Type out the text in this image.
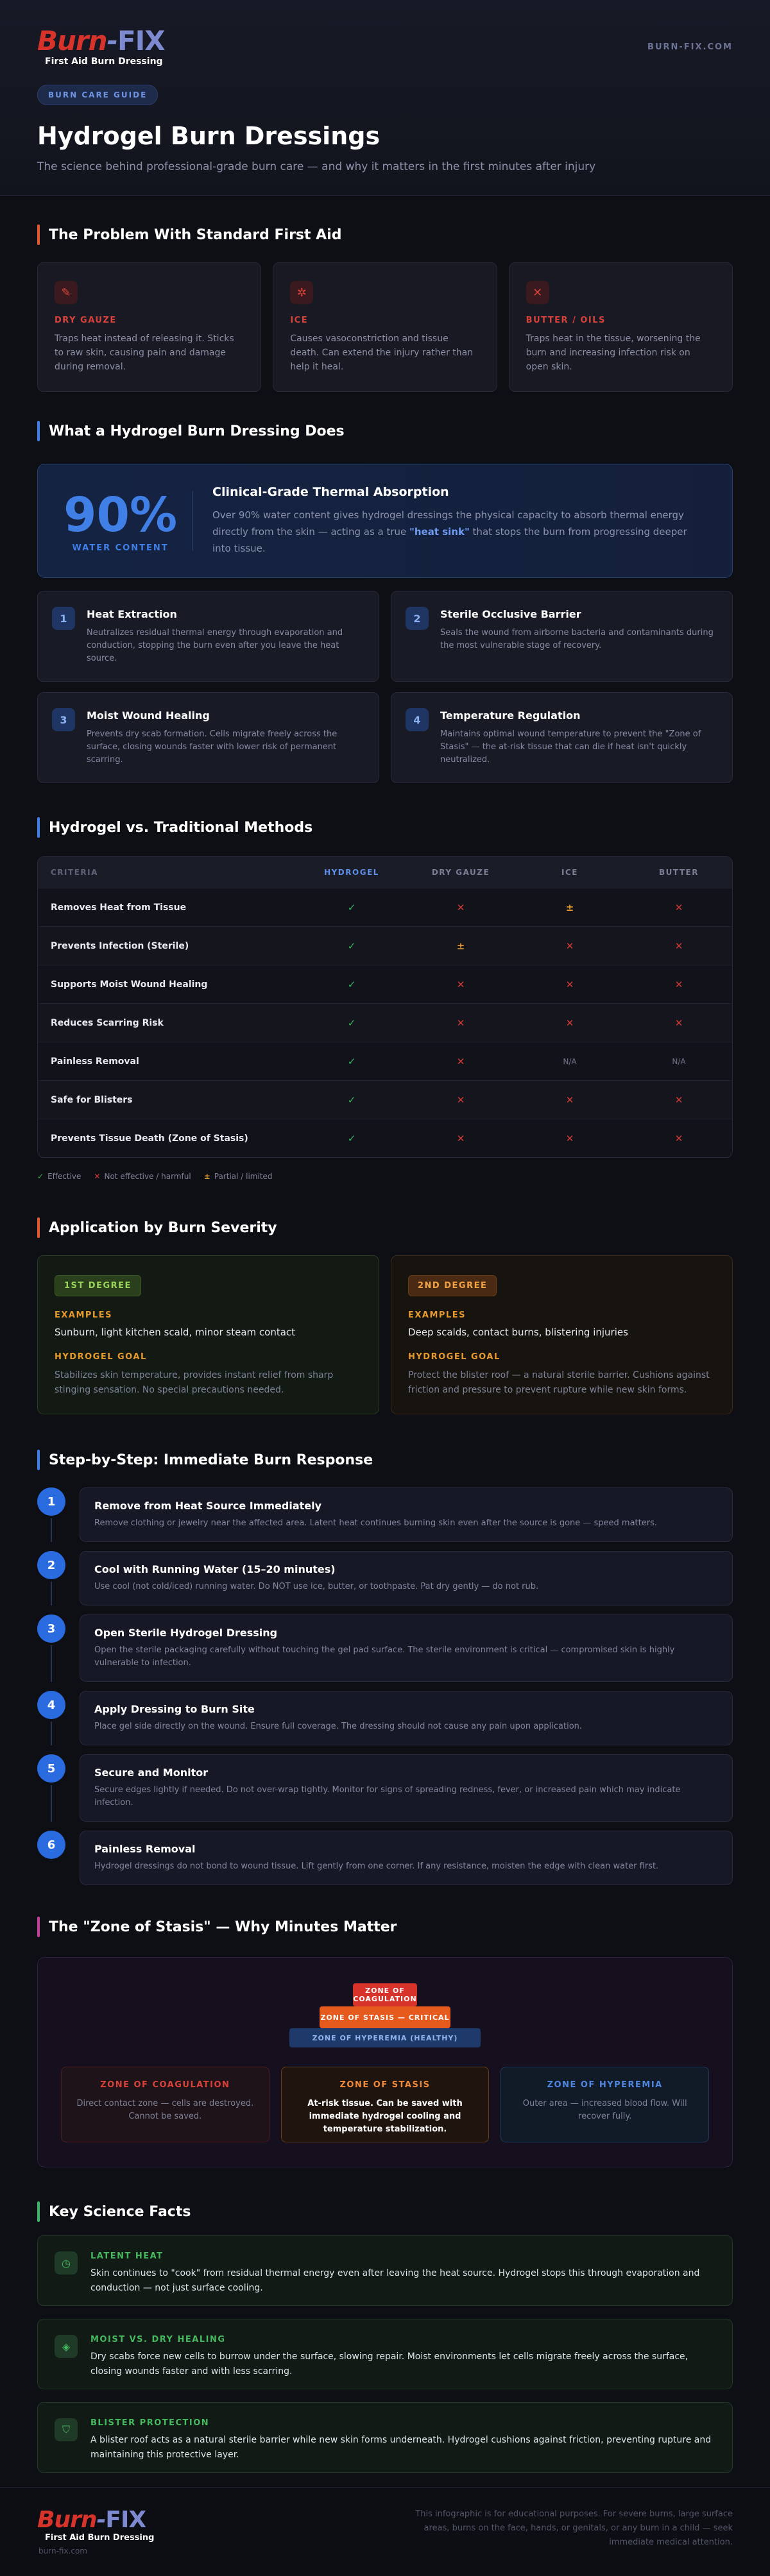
Burn-FIX
First Aid Burn Dressing
BURN-FIX.COM
BURN CARE GUIDE
Hydrogel Burn Dressings

The science behind professional-grade burn care — and why it matters in the first minutes after injury

The Problem With Standard First Aid
✎
DRY GAUZE
Traps heat instead of releasing it. Sticks to raw skin, causing pain and damage during removal.
✲
ICE
Causes vasoconstriction and tissue death. Can extend the injury rather than help it heal.
✕
BUTTER / OILS
Traps heat in the tissue, worsening the burn and increasing infection risk on open skin.
What a Hydrogel Burn Dressing Does
90%
WATER CONTENT
Clinical-Grade Thermal Absorption

Over 90% water content gives hydrogel dressings the physical capacity to absorb thermal energy directly from the skin — acting as a true "heat sink" that stops the burn from progressing deeper into tissue.

1	Heat Extraction

Neutralizes residual thermal energy through evaporation and conduction, stopping the burn even after you leave the heat source.

2	Sterile Occlusive Barrier

Seals the wound from airborne bacteria and contaminants during the most vulnerable stage of recovery.

3	Moist Wound Healing

Prevents dry scab formation. Cells migrate freely across the surface, closing wounds faster with lower risk of permanent scarring.

4	Temperature Regulation

Maintains optimal wound temperature to prevent the "Zone of Stasis" — the at-risk tissue that can die if heat isn't quickly neutralized.

Hydrogel vs. Traditional Methods
CRITERIA	HYDROGEL	DRY GAUZE	ICE	BUTTER
Removes Heat from Tissue	✓	✕	±	✕
Prevents Infection (Sterile)	✓	±	✕	✕
Supports Moist Wound Healing	✓	✕	✕	✕
Reduces Scarring Risk	✓	✕	✕	✕
Painless Removal	✓	✕	N/A	N/A
Safe for Blisters	✓	✕	✕	✕
Prevents Tissue Death (Zone of Stasis)	✓	✕	✕	✕
✓ Effective ✕ Not effective / harmful ± Partial / limited
Application by Burn Severity
1ST DEGREE
EXAMPLES
Sunburn, light kitchen scald, minor steam contact
HYDROGEL GOAL
Stabilizes skin temperature, provides instant relief from sharp stinging sensation. No special precautions needed.
2ND DEGREE
EXAMPLES
Deep scalds, contact burns, blistering injuries
HYDROGEL GOAL
Protect the blister roof — a natural sterile barrier. Cushions against friction and pressure to prevent rupture while new skin forms.
Step-by-Step: Immediate Burn Response
1	Remove from Heat Source Immediately

Remove clothing or jewelry near the affected area. Latent heat continues burning skin even after the source is gone — speed matters.

2	Cool with Running Water (15–20 minutes)

Use cool (not cold/iced) running water. Do NOT use ice, butter, or toothpaste. Pat dry gently — do not rub.

3	Open Sterile Hydrogel Dressing

Open the sterile packaging carefully without touching the gel pad surface. The sterile environment is critical — compromised skin is highly vulnerable to infection.

4	Apply Dressing to Burn Site

Place gel side directly on the wound. Ensure full coverage. The dressing should not cause any pain upon application.

5	Secure and Monitor

Secure edges lightly if needed. Do not over-wrap tightly. Monitor for signs of spreading redness, fever, or increased pain which may indicate infection.

6	Painless Removal

Hydrogel dressings do not bond to wound tissue. Lift gently from one corner. If any resistance, moisten the edge with clean water first.

The "Zone of Stasis" — Why Minutes Matter
ZONE OF COAGULATION
ZONE OF STASIS — CRITICAL
ZONE OF HYPEREMIA (HEALTHY)
ZONE OF COAGULATION

Direct contact zone — cells are destroyed. Cannot be saved.

ZONE OF STASIS

At-risk tissue. Can be saved with immediate hydrogel cooling and temperature stabilization.

ZONE OF HYPEREMIA

Outer area — increased blood flow. Will recover fully.

Key Science Facts
◷
LATENT HEAT

Skin continues to "cook" from residual thermal energy even after leaving the heat source. Hydrogel stops this through evaporation and conduction — not just surface cooling.

◈
MOIST VS. DRY HEALING

Dry scabs force new cells to burrow under the surface, slowing repair. Moist environments let cells migrate freely across the surface, closing wounds faster and with less scarring.

⛉
BLISTER PROTECTION

A blister roof acts as a natural sterile barrier while new skin forms underneath. Hydrogel cushions against friction, preventing rupture and maintaining this protective layer.

Burn-FIX
First Aid Burn Dressing
burn-fix.com
This infographic is for educational purposes. For severe burns, large surface areas, burns on the face, hands, or genitals, or any burn in a child — seek immediate medical attention.
